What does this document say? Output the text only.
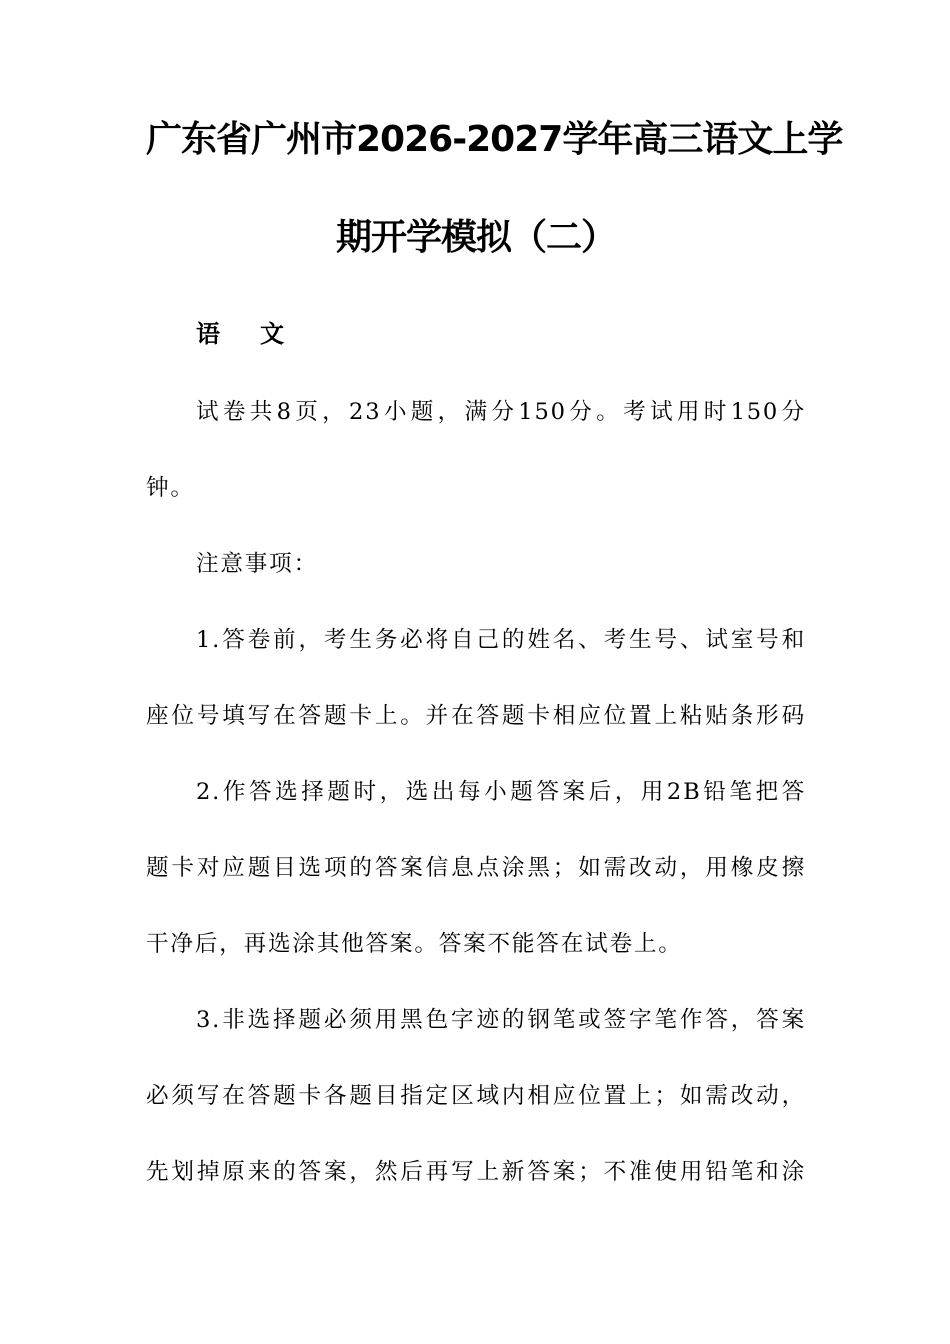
广东省广州市2026-2027学年高三语文上学
期开学模拟（二）
语 文
试卷共8页，23小题，满分150分。考试用时150分
钟。
注意事项：
1.答卷前，考生务必将自己的姓名、考生号、试室号和
座位号填写在答题卡上。并在答题卡相应位置上粘贴条形码
2.作答选择题时，选出每小题答案后，用2B铅笔把答
题卡对应题目选项的答案信息点涂黑；如需改动，用橡皮擦
干净后，再选涂其他答案。答案不能答在试卷上。
3.非选择题必须用黑色字迹的钢笔或签字笔作答，答案
必须写在答题卡各题目指定区域内相应位置上；如需改动，
先划掉原来的答案，然后再写上新答案；不准使用铅笔和涂
